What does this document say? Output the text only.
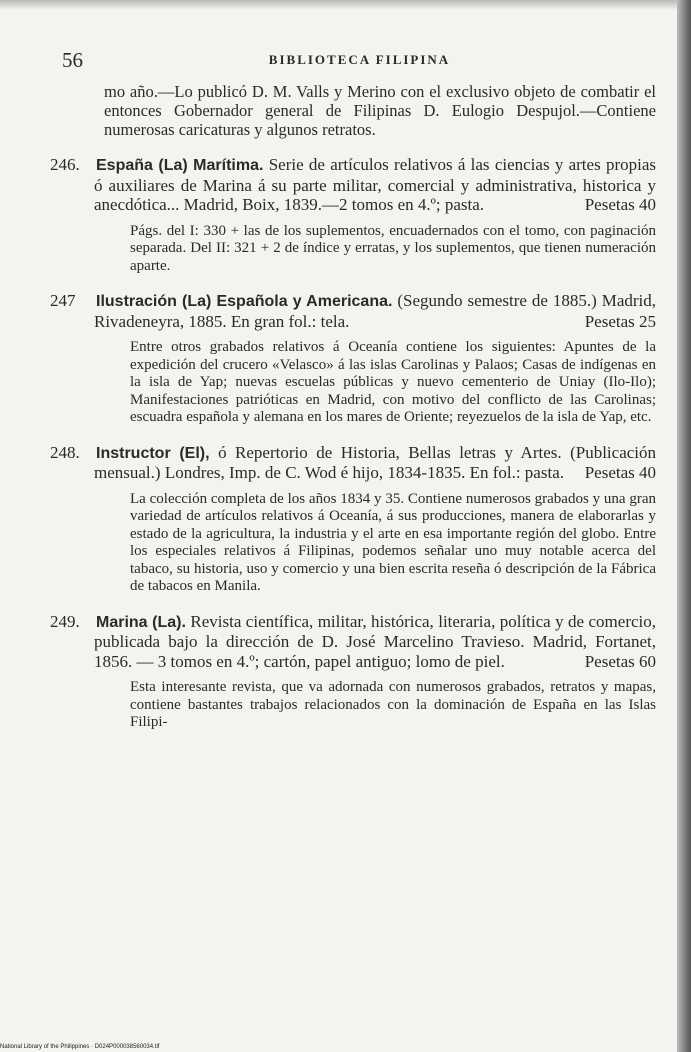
56	BIBLIOTECA FILIPINA

mo año.—Lo publicó D. M. Valls y Merino con el exclusivo objeto de combatir el entonces Gobernador general de Filipinas D. Eulogio Despujol.—Contiene numerosas caricaturas y algunos retratos.

246. España (La) Marítima. Serie de artículos relativos á las ciencias y artes propias ó auxiliares de Marina á su parte militar, comercial y administrativa, historica y anecdótica... Madrid, Boix, 1839.—2 tomos en 4.º; pasta.	Pesetas 40

Págs. del I: 330 + las de los suplementos, encuadernados con el tomo, con paginación separada. Del II: 321 + 2 de índice y erratas, y los suplementos, que tienen numeración aparte.

247 Ilustración (La) Española y Americana. (Segundo semestre de 1885.) Madrid, Rivadeneyra, 1885. En gran fol.: tela.	Pesetas 25

Entre otros grabados relativos á Oceanía contiene los siguientes: Apuntes de la expedición del crucero «Velasco» á las islas Carolinas y Palaos; Casas de indígenas en la isla de Yap; nuevas escuelas públicas y nuevo cementerio de Uniay (Ilo-Ilo); Manifestaciones patrióticas en Madrid, con motivo del conflicto de las Carolinas; escuadra española y alemana en los mares de Oriente; reyezuelos de la isla de Yap, etc.

248. Instructor (El), ó Repertorio de Historia, Bellas letras y Artes. (Publicación mensual.) Londres, Imp. de C. Wod é hijo, 1834-1835. En fol.: pasta. Pesetas 40

La colección completa de los años 1834 y 35. Contiene numerosos grabados y una gran variedad de artículos relativos á Oceanía, á sus producciones, manera de elaborarlas y estado de la agricultura, la industria y el arte en esa importante región del globo. Entre los especiales relativos á Filipinas, podemos señalar uno muy notable acerca del tabaco, su historia, uso y comercio y una bien escrita reseña ó descripción de la Fábrica de tabacos en Manila.

249. Marina (La). Revista científica, militar, histórica, literaria, política y de comercio, publicada bajo la dirección de D. José Marcelino Travieso. Madrid, Fortanet, 1856. — 3 tomos en 4.º; cartón, papel antiguo; lomo de piel.	Pesetas 60

Esta interesante revista, que va adornada con numerosos grabados, retratos y mapas, contiene bastantes trabajos relacionados con la dominación de España en las Islas Filipi-

National Library of the Philippines · D024P000038560034.tif
